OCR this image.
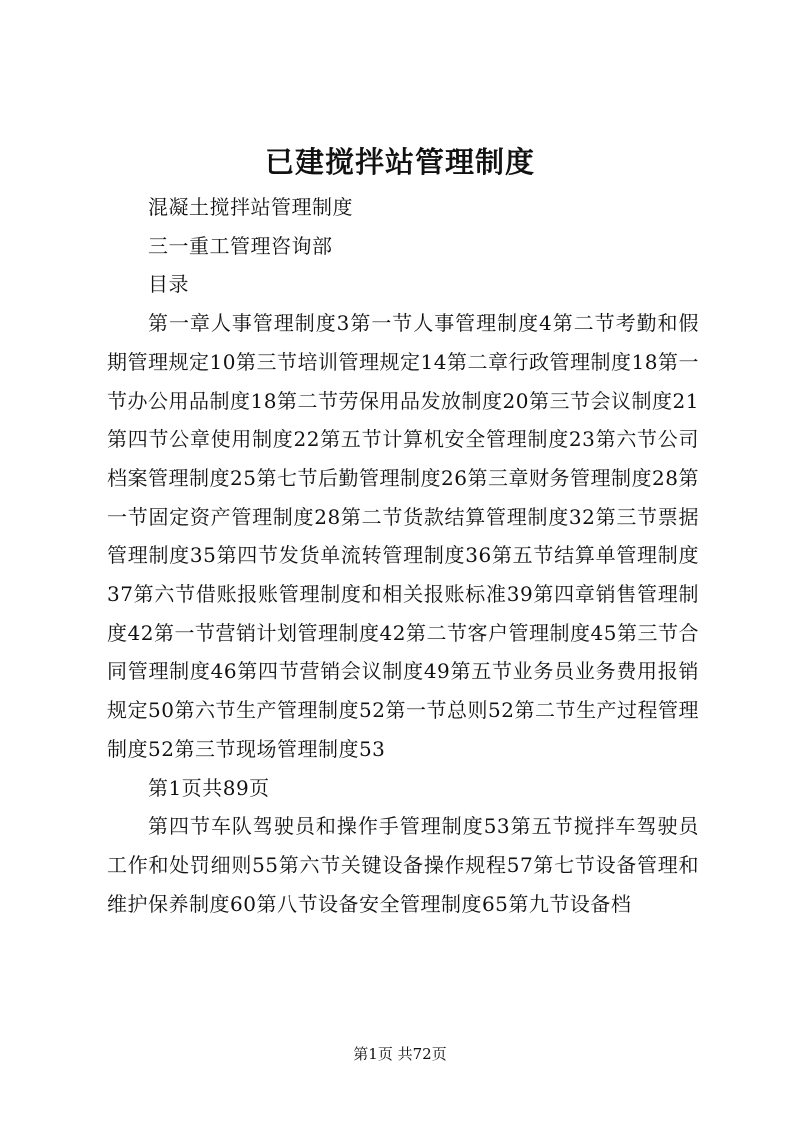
已建搅拌站管理制度

混凝土搅拌站管理制度

三一重工管理咨询部

目录

第一章人事管理制度3第一节人事管理制度4第二节考勤和假期管理规定10第三节培训管理规定14第二章行政管理制度18第一节办公用品制度18第二节劳保用品发放制度20第三节会议制度21第四节公章使用制度22第五节计算机安全管理制度23第六节公司档案管理制度25第七节后勤管理制度26第三章财务管理制度28第一节固定资产管理制度28第二节货款结算管理制度32第三节票据管理制度35第四节发货单流转管理制度36第五节结算单管理制度37第六节借账报账管理制度和相关报账标准39第四章销售管理制度42第一节营销计划管理制度42第二节客户管理制度45第三节合同管理制度46第四节营销会议制度49第五节业务员业务费用报销规定50第六节生产管理制度52第一节总则52第二节生产过程管理制度52第三节现场管理制度53

第1页共89页

第四节车队驾驶员和操作手管理制度53第五节搅拌车驾驶员工作和处罚细则55第六节关键设备操作规程57第七节设备管理和维护保养制度60第八节设备安全管理制度65第九节设备档

第1页 共72页
